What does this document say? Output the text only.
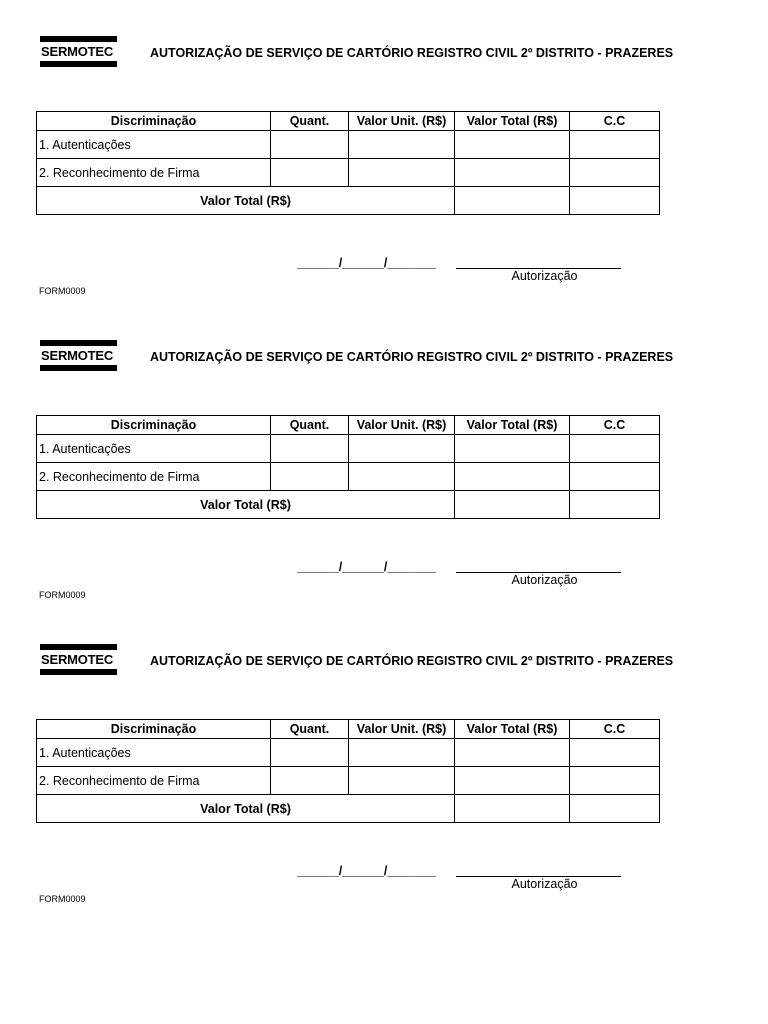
SERMOTEC	AUTORIZAÇÃO DE SERVIÇO DE CARTÓRIO REGISTRO CIVIL 2º DISTRITO - PRAZERES
Discriminação	Quant.	Valor Unit. (R$)	Valor Total (R$)	C.C
1. Autenticações				
2. Reconhecimento de Firma				
Valor Total (R$)				
______/______/_______
Autorização
FORM0009
SERMOTEC	AUTORIZAÇÃO DE SERVIÇO DE CARTÓRIO REGISTRO CIVIL 2º DISTRITO - PRAZERES
Discriminação	Quant.	Valor Unit. (R$)	Valor Total (R$)	C.C
1. Autenticações				
2. Reconhecimento de Firma				
Valor Total (R$)				
______/______/_______
Autorização
FORM0009
SERMOTEC	AUTORIZAÇÃO DE SERVIÇO DE CARTÓRIO REGISTRO CIVIL 2º DISTRITO - PRAZERES
Discriminação	Quant.	Valor Unit. (R$)	Valor Total (R$)	C.C
1. Autenticações				
2. Reconhecimento de Firma				
Valor Total (R$)				
______/______/_______
Autorização
FORM0009
